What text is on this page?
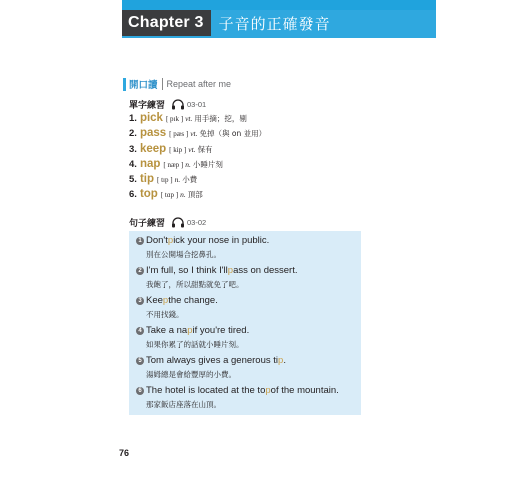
Chapter 3	子音的正確發音
開口讀 Repeat after me
單字練習	03-01
1. pick [ pɪk ] vt. 用手摘；挖，剔
2. pass [ pæs ] vt. 免掉（與 on 並用）
3. keep [ kip ] vt. 保有
4. nap [ næp ] n. 小睡片刻
5. tip [ tɪp ] n. 小費
6. top [ tɑp ] n. 頂部
句子練習	03-02
1 Don't p ick your nose in public.
別在公開場合挖鼻孔。
2 I'm full, so I think I'll p ass on dessert.
我飽了，所以甜點就免了吧。
3 Kee p the change.
不用找錢。
4 Take a na p if you're tired.
如果你累了的話就小睡片刻。
5 Tom always gives a generous ti p .
湯姆總是會給豐厚的小費。
6 The hotel is located at the to p of the mountain.
那家飯店座落在山頂。
76
